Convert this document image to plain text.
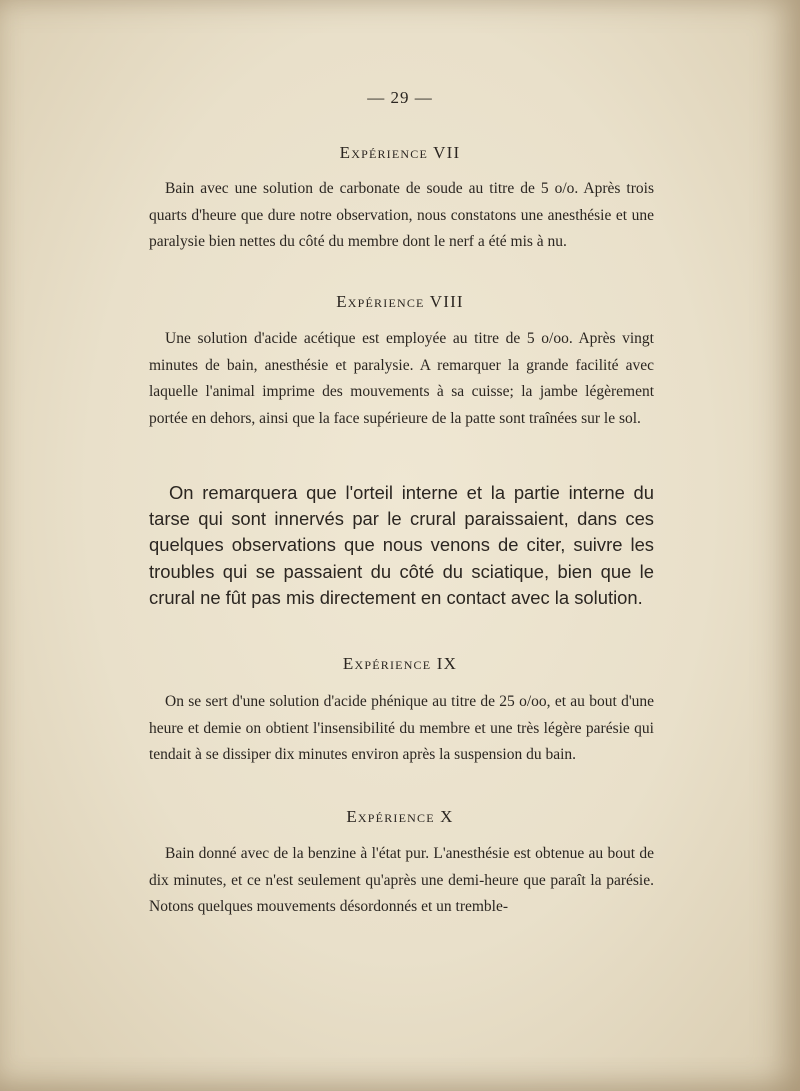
— 29 —
Expérience VII
Bain avec une solution de carbonate de soude au titre de 5 o/o. Après trois quarts d'heure que dure notre observation, nous constatons une anesthésie et une paralysie bien nettes du côté du membre dont le nerf a été mis à nu.
Expérience VIII
Une solution d'acide acétique est employée au titre de 5 o/oo. Après vingt minutes de bain, anesthésie et paralysie. A remarquer la grande facilité avec laquelle l'animal imprime des mouvements à sa cuisse; la jambe légèrement portée en dehors, ainsi que la face supérieure de la patte sont traînées sur le sol.
On remarquera que l'orteil interne et la partie interne du tarse qui sont innervés par le crural paraissaient, dans ces quelques observations que nous venons de citer, suivre les troubles qui se passaient du côté du sciatique, bien que le crural ne fût pas mis directement en contact avec la solution.
Expérience IX
On se sert d'une solution d'acide phénique au titre de 25 o/oo, et au bout d'une heure et demie on obtient l'insensibilité du membre et une très légère parésie qui tendait à se dissiper dix minutes environ après la suspension du bain.
Expérience X
Bain donné avec de la benzine à l'état pur. L'anesthésie est obtenue au bout de dix minutes, et ce n'est seulement qu'après une demi-heure que paraît la parésie. Notons quelques mouvements désordonnés et un tremble-
